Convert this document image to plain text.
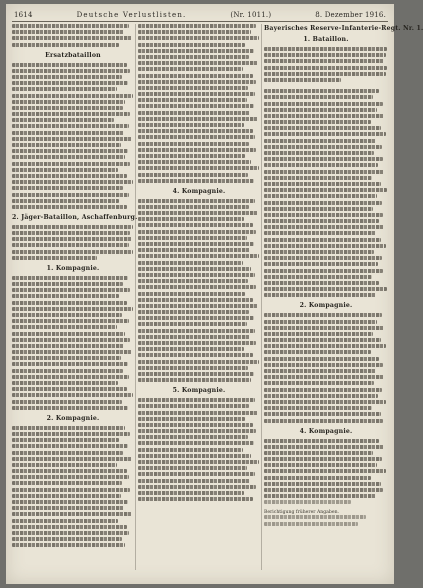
1614	Deutsche Verlustlisten.	(Nr. 1011.)	8. Dezember 1916.
Ersatzbataillon
2. Jäger-Bataillon, Aschaffenburg.
1. Kompagnie.
2. Kompagnie.
4. Kompagnie.
5. Kompagnie.
Bayerisches Reserve-Infanterie-Regt. Nr. 1.
1. Bataillon.
2. Kompagnie.
4. Kompagnie.
Berichtigung früherer Angaben.
